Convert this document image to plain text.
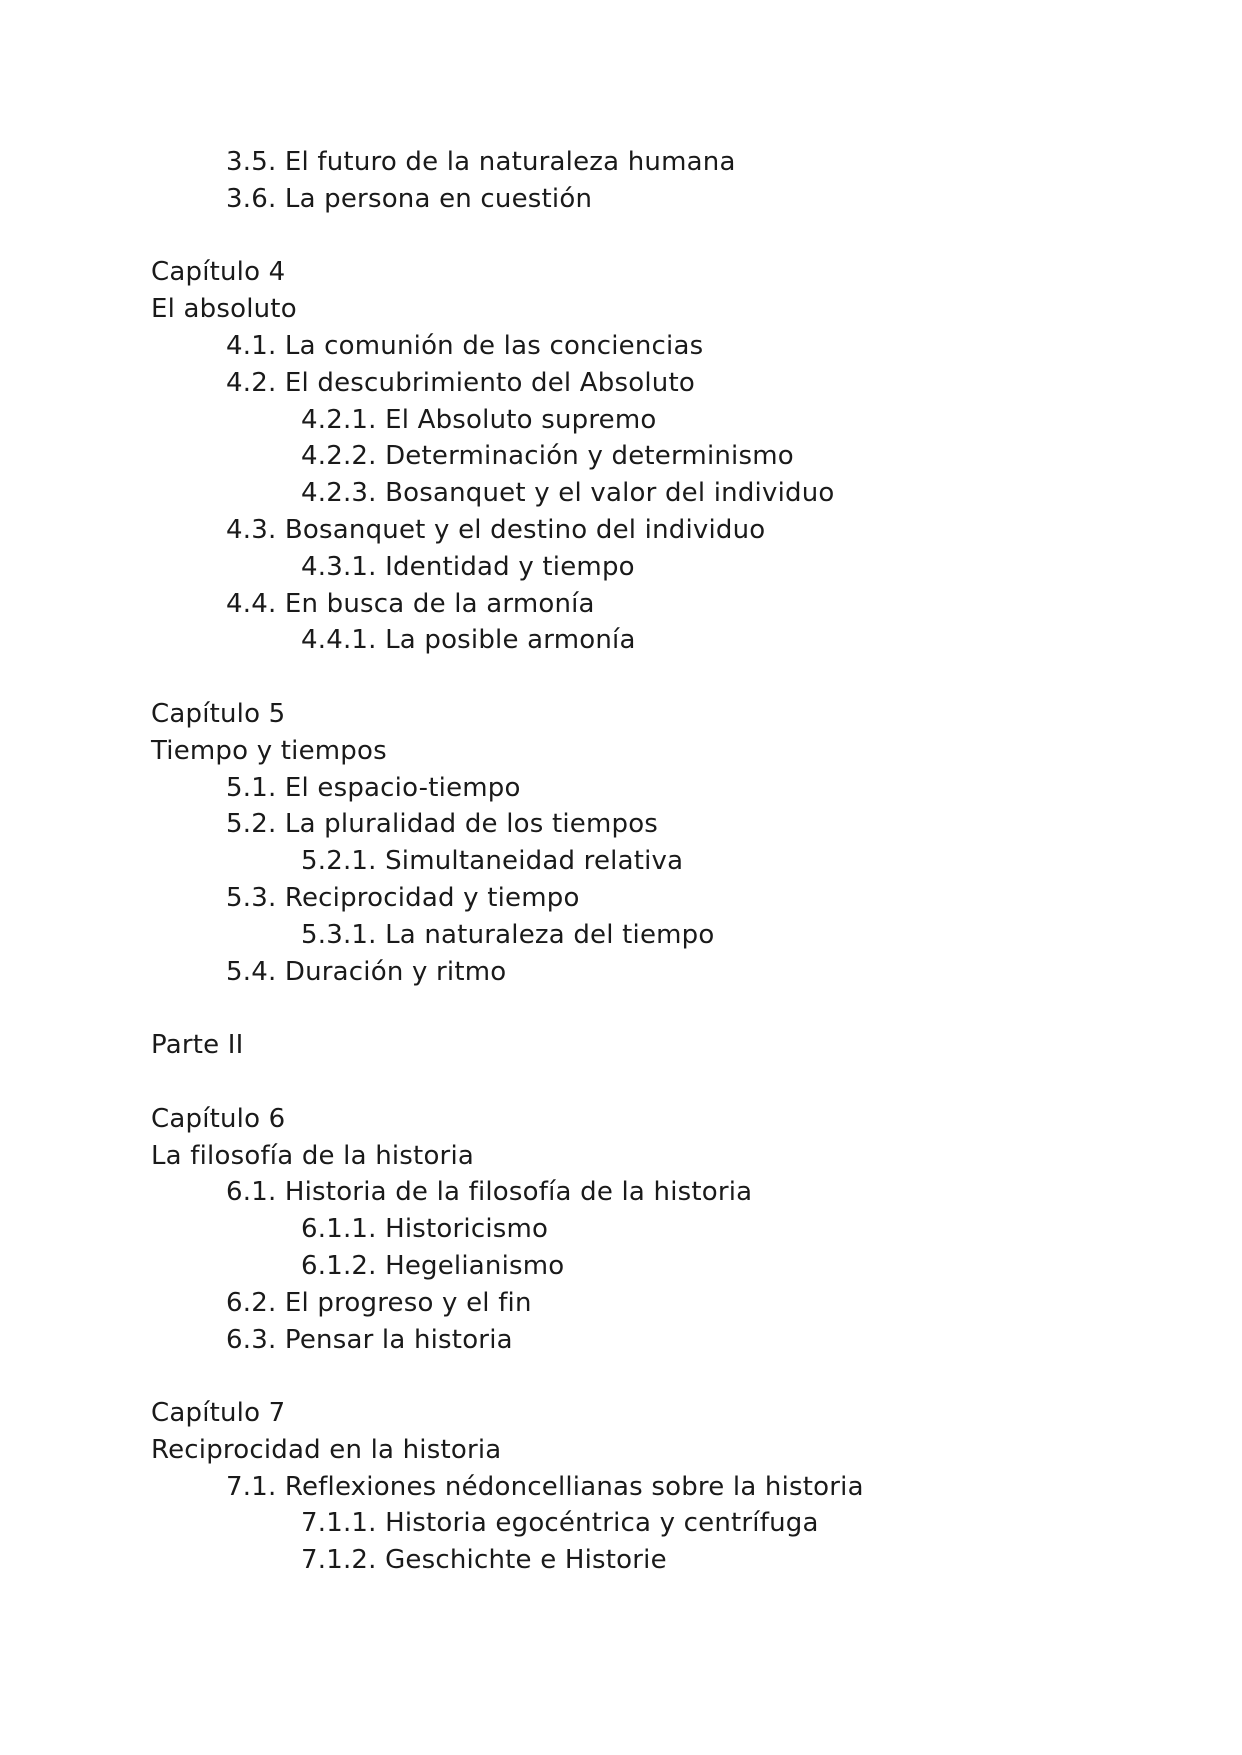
3.5. El futuro de la naturaleza humana
3.6. La persona en cuestión
Capítulo 4
El absoluto
4.1. La comunión de las conciencias
4.2. El descubrimiento del Absoluto
4.2.1. El Absoluto supremo
4.2.2. Determinación y determinismo
4.2.3. Bosanquet y el valor del individuo
4.3. Bosanquet y el destino del individuo
4.3.1. Identidad y tiempo
4.4. En busca de la armonía
4.4.1. La posible armonía
Capítulo 5
Tiempo y tiempos
5.1. El espacio-tiempo
5.2. La pluralidad de los tiempos
5.2.1. Simultaneidad relativa
5.3. Reciprocidad y tiempo
5.3.1. La naturaleza del tiempo
5.4. Duración y ritmo
Parte II
Capítulo 6
La filosofía de la historia
6.1. Historia de la filosofía de la historia
6.1.1. Historicismo
6.1.2. Hegelianismo
6.2. El progreso y el fin
6.3. Pensar la historia
Capítulo 7
Reciprocidad en la historia
7.1. Reflexiones nédoncellianas sobre la historia
7.1.1. Historia egocéntrica y centrífuga
7.1.2. Geschichte e Historie
